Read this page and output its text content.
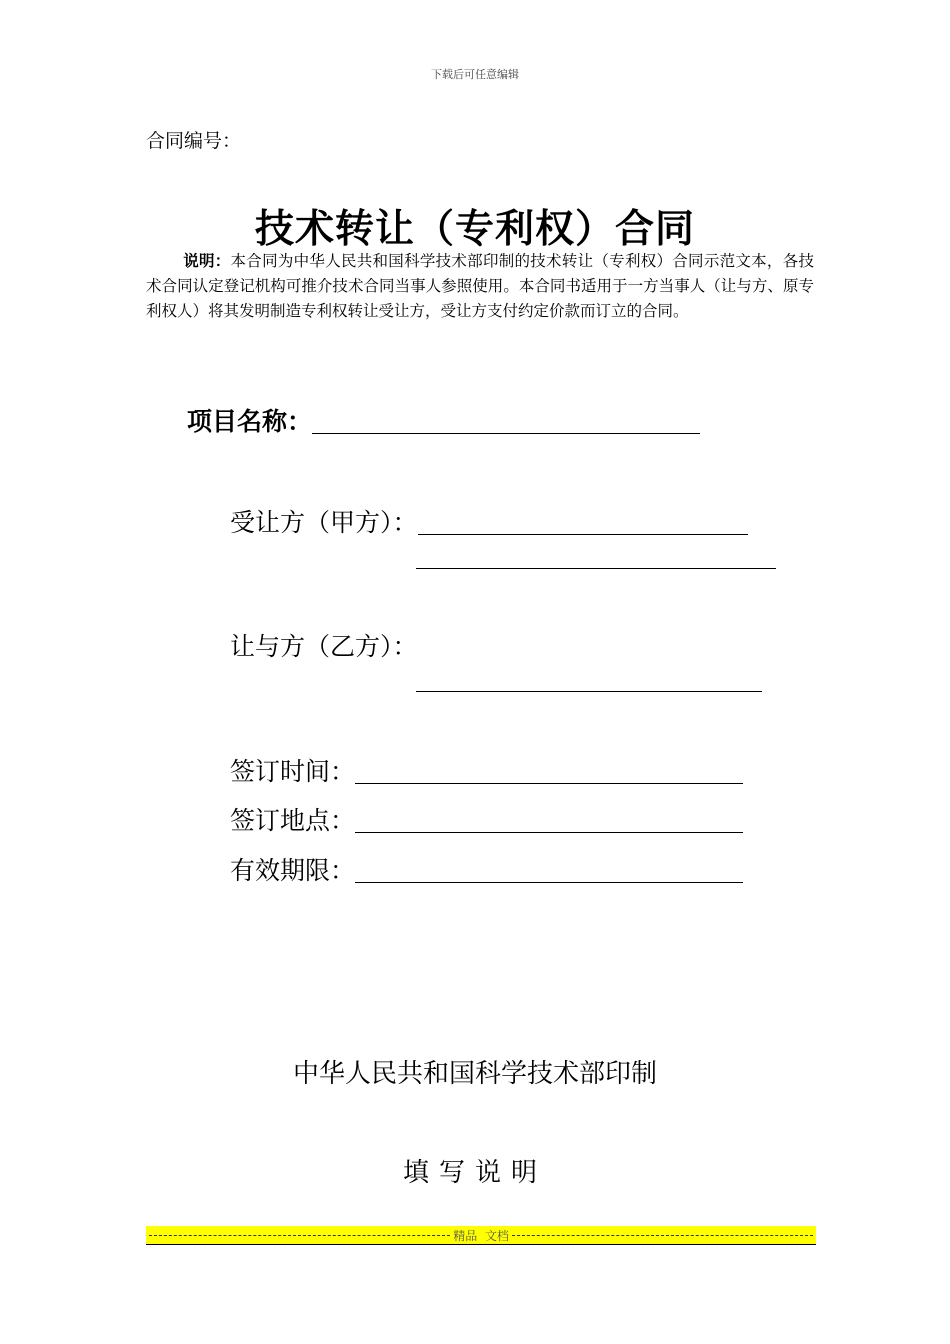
下载后可任意编辑
合同编号：
技术转让（专利权）合同
说明：本合同为中华人民共和国科学技术部印制的技术转让（专利权）合同示范文本，各技术合同认定登记机构可推介技术合同当事人参照使用。本合同书适用于一方当事人（让与方、原专利权人）将其发明制造专利权转让受让方，受让方支付约定价款而订立的合同。
项目名称：
受让方（甲方）：
让与方（乙方）：
签订时间：
签订地点：
有效期限：
中华人民共和国科学技术部印制
填写说明
精品  文档
